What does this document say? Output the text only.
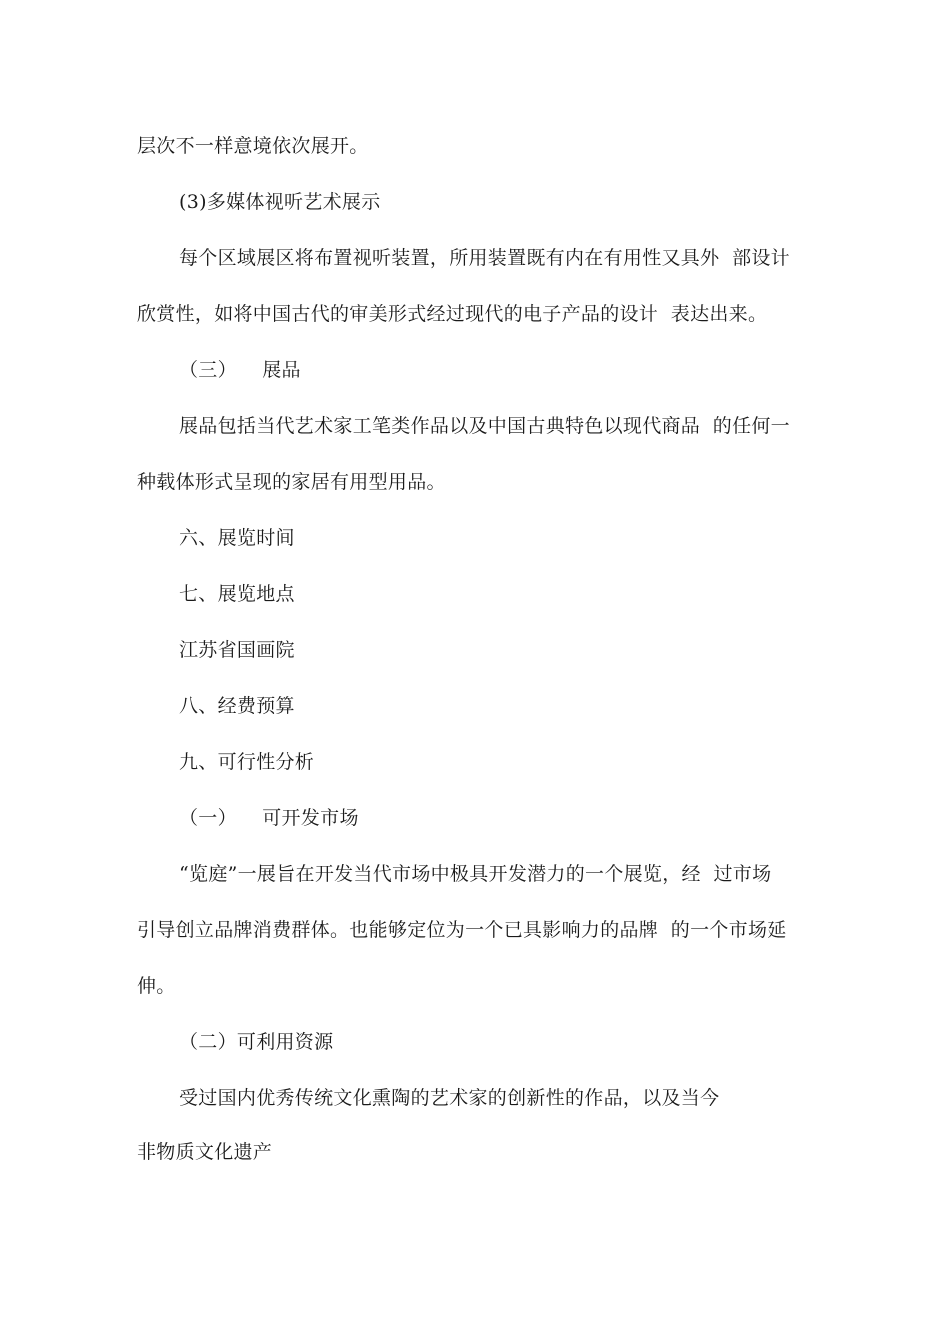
层次不一样意境依次展开。
(3)多媒体视听艺术展示
每个区域展区将布置视听装置，所用装置既有内在有用性又具外  部设计
欣赏性，如将中国古代的审美形式经过现代的电子产品的设计  表达出来。
（三）    展品
展品包括当代艺术家工笔类作品以及中国古典特色以现代商品  的任何一
种载体形式呈现的家居有用型用品。
六、展览时间
七、展览地点
江苏省国画院
八、经费预算
九、可行性分析
（一）    可开发市场
“览庭”一展旨在开发当代市场中极具开发潜力的一个展览，经  过市场
引导创立品牌消费群体。也能够定位为一个已具影响力的品牌  的一个市场延
伸。
（二）可利用资源
受过国内优秀传统文化熏陶的艺术家的创新性的作品，以及当今
非物质文化遗产
